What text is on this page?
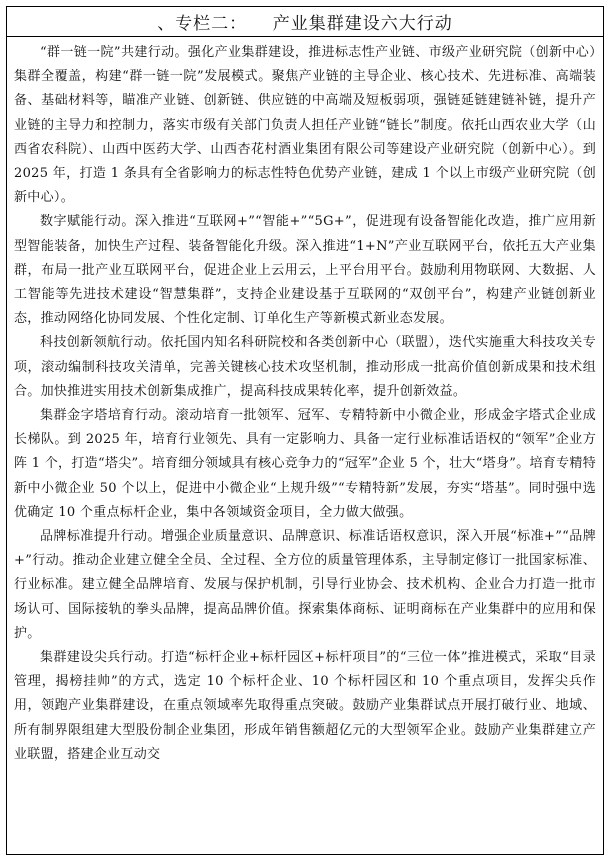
、专栏二：    产业集群建设六大行动

“群一链一院”共建行动。强化产业集群建设，推进标志性产业链、市级产业研究院（创新中心）集群全覆盖，构建“群一链一院”发展模式。聚焦产业链的主导企业、核心技术、先进标准、高端装备、基础材料等，瞄准产业链、创新链、供应链的中高端及短板弱项，强链延链建链补链，提升产业链的主导力和控制力，落实市级有关部门负责人担任产业链“链长”制度。依托山西农业大学（山西省农科院）、山西中医药大学、山西杏花村酒业集团有限公司等建设产业研究院（创新中心）。到 2025 年，打造 1 条具有全省影响力的标志性特色优势产业链，建成 1 个以上市级产业研究院（创新中心）。

数字赋能行动。深入推进“互联网+”“智能+”“5G+”，促进现有设备智能化改造，推广应用新型智能装备，加快生产过程、装备智能化升级。深入推进“1+N”产业互联网平台，依托五大产业集群，布局一批产业互联网平台，促进企业上云用云，上平台用平台。鼓励利用物联网、大数据、人工智能等先进技术建设“智慧集群”，支持企业建设基于互联网的“双创平台”，构建产业链创新业态，推动网络化协同发展、个性化定制、订单化生产等新模式新业态发展。

科技创新领航行动。依托国内知名科研院校和各类创新中心（联盟），迭代实施重大科技攻关专项，滚动编制科技攻关清单，完善关键核心技术攻坚机制，推动形成一批高价值创新成果和技术组合。加快推进实用技术创新集成推广，提高科技成果转化率，提升创新效益。

集群金字塔培育行动。滚动培育一批领军、冠军、专精特新中小微企业，形成金字塔式企业成长梯队。到 2025 年，培育行业领先、具有一定影响力、具备一定行业标准话语权的“领军”企业方阵 1 个，打造“塔尖”。培育细分领域具有核心竞争力的“冠军”企业 5 个，壮大“塔身”。培育专精特新中小微企业 50 个以上，促进中小微企业“上规升级”“专精特新”发展，夯实“塔基”。同时强中选优确定 10 个重点标杆企业，集中各领域资金项目，全力做大做强。

品牌标准提升行动。增强企业质量意识、品牌意识、标准话语权意识，深入开展“标准+”“品牌+”行动。推动企业建立健全全员、全过程、全方位的质量管理体系，主导制定修订一批国家标准、行业标准。建立健全品牌培育、发展与保护机制，引导行业协会、技术机构、企业合力打造一批市场认可、国际接轨的拳头品牌，提高品牌价值。探索集体商标、证明商标在产业集群中的应用和保护。

集群建设尖兵行动。打造“标杆企业+标杆园区+标杆项目”的“三位一体”推进模式，采取“目录管理，揭榜挂帅”的方式，选定 10 个标杆企业、10 个标杆园区和 10 个重点项目，发挥尖兵作用，领跑产业集群建设，在重点领域率先取得重点突破。鼓励产业集群试点开展打破行业、地域、所有制界限组建大型股份制企业集团，形成年销售额超亿元的大型领军企业。鼓励产业集群建立产业联盟，搭建企业互动交
